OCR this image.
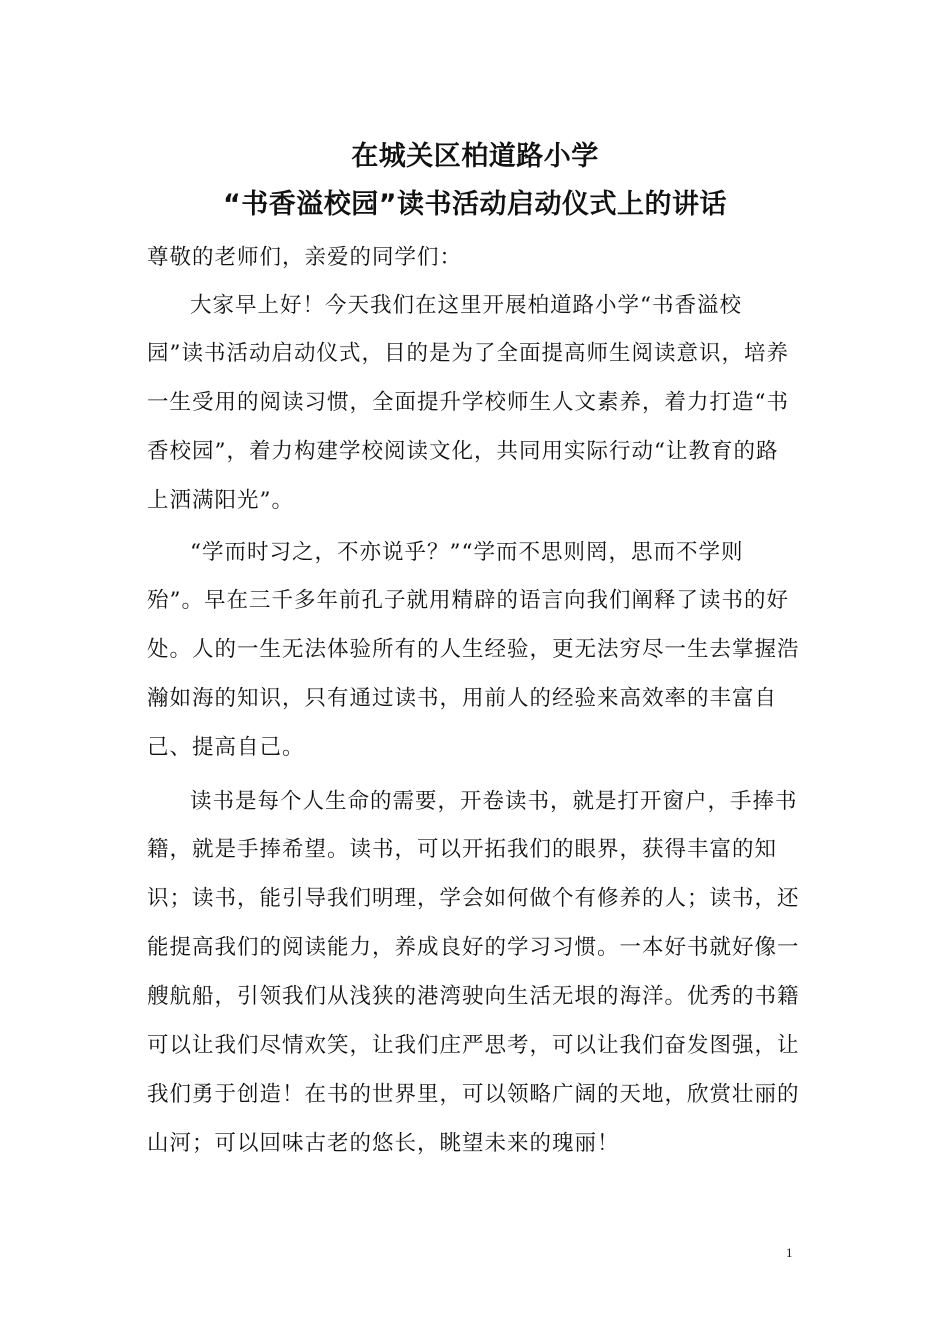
在城关区柏道路小学
“书香溢校园”读书活动启动仪式上的讲话
尊敬的老师们，亲爱的同学们：
大家早上好！今天我们在这里开展柏道路小学“书香溢校
园”读书活动启动仪式，目的是为了全面提高师生阅读意识，培养
一生受用的阅读习惯，全面提升学校师生人文素养，着力打造“书
香校园”，着力构建学校阅读文化，共同用实际行动“让教育的路
上洒满阳光”。
“学而时习之，不亦说乎？”“学而不思则罔，思而不学则
殆”。早在三千多年前孔子就用精辟的语言向我们阐释了读书的好
处。人的一生无法体验所有的人生经验，更无法穷尽一生去掌握浩
瀚如海的知识，只有通过读书，用前人的经验来高效率的丰富自
己、提高自己。
读书是每个人生命的需要，开卷读书，就是打开窗户，手捧书
籍，就是手捧希望。读书，可以开拓我们的眼界，获得丰富的知
识；读书，能引导我们明理，学会如何做个有修养的人；读书，还
能提高我们的阅读能力，养成良好的学习习惯。一本好书就好像一
艘航船，引领我们从浅狭的港湾驶向生活无垠的海洋。优秀的书籍
可以让我们尽情欢笑，让我们庄严思考，可以让我们奋发图强，让
我们勇于创造！在书的世界里，可以领略广阔的天地，欣赏壮丽的
山河；可以回味古老的悠长，眺望未来的瑰丽！
1
